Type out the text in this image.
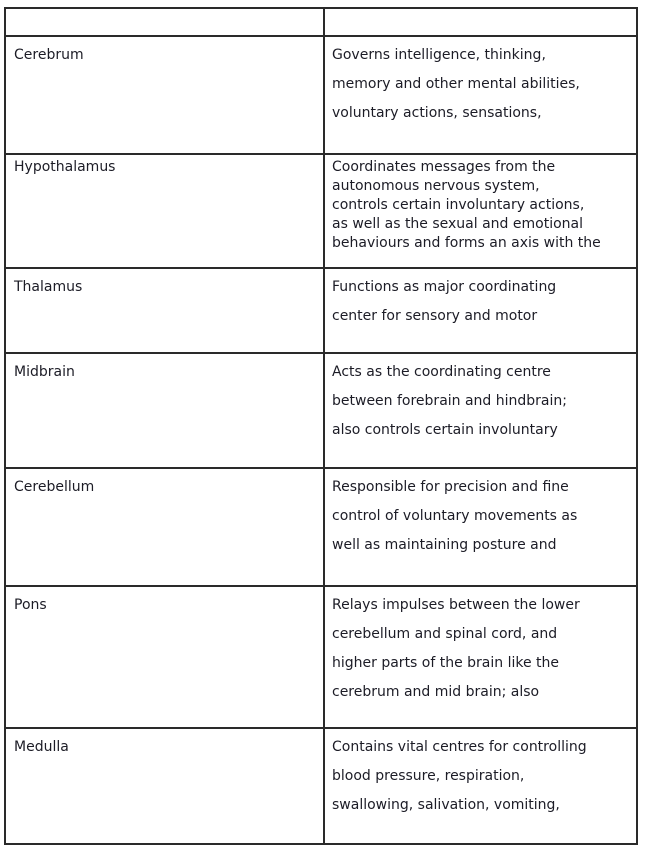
Cerebrum	Governs intelligence, thinking,
memory and other mental abilities,
voluntary actions, sensations,
Hypothalamus	Coordinates messages from the
autonomous nervous system,
controls certain involuntary actions,
as well as the sexual and emotional
behaviours and forms an axis with the
Thalamus	Functions as major coordinating
center for sensory and motor
Midbrain	Acts as the coordinating centre
between forebrain and hindbrain;
also controls certain involuntary
Cerebellum	Responsible for precision and fine
control of voluntary movements as
well as maintaining posture and
Pons	Relays impulses between the lower
cerebellum and spinal cord, and
higher parts of the brain like the
cerebrum and mid brain; also
Medulla	Contains vital centres for controlling
blood pressure, respiration,
swallowing, salivation, vomiting,
